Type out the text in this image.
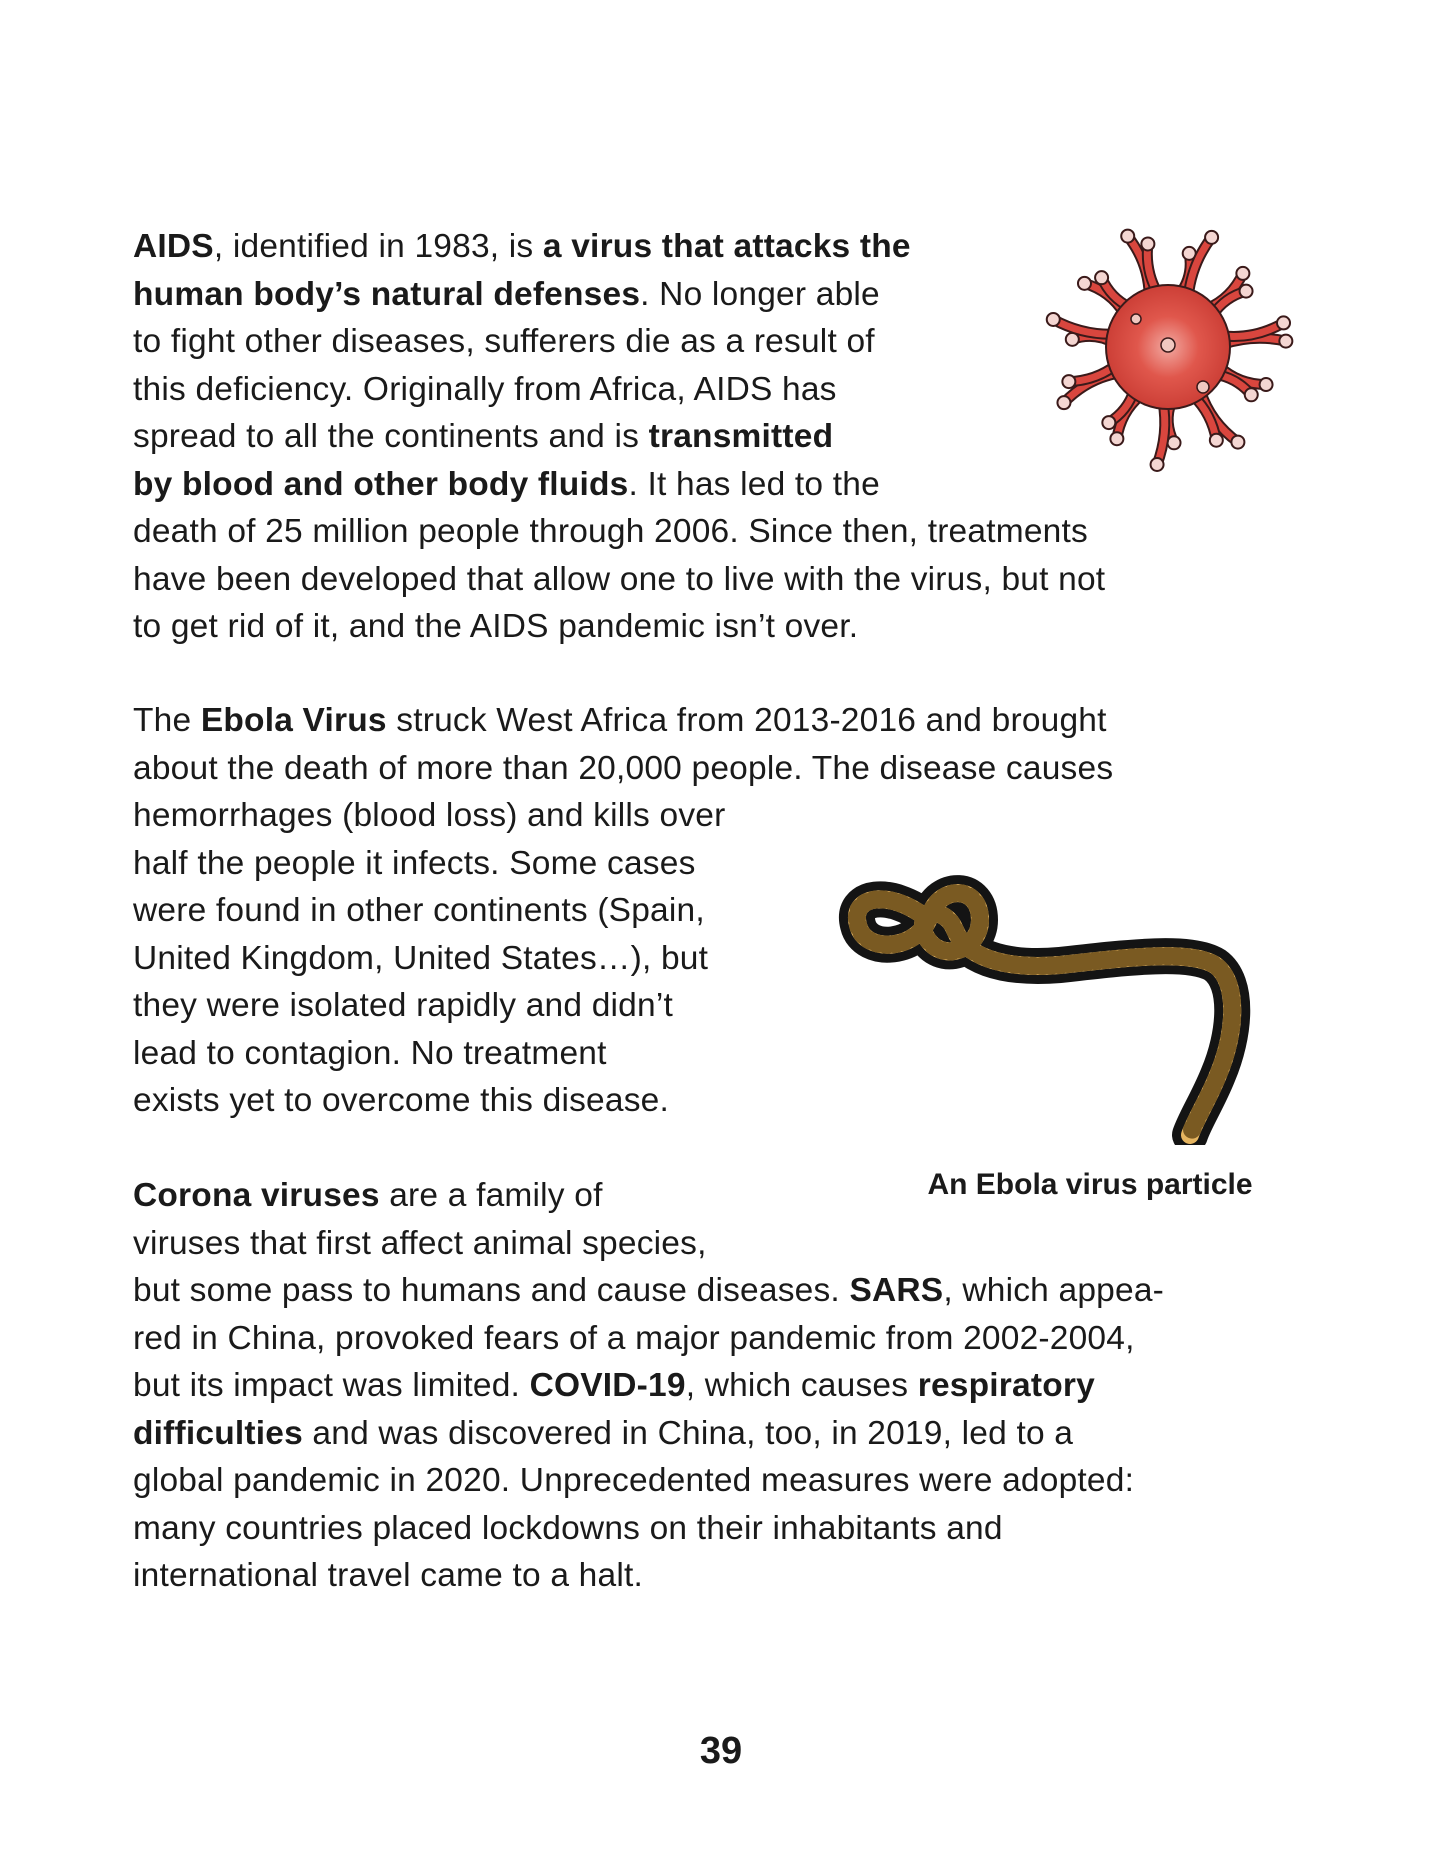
AIDS, identified in 1983, is a virus that attacks the
human body’s natural defenses. No longer able
to fight other diseases, sufferers die as a result of
this deficiency. Originally from Africa, AIDS has
spread to all the continents and is transmitted
by blood and other body fluids. It has led to the
death of 25 million people through 2006. Since then, treatments
have been developed that allow one to live with the virus, but not
to get rid of it, and the AIDS pandemic isn’t over.
The Ebola Virus struck West Africa from 2013-2016 and brought
about the death of more than 20,000 people. The disease causes
hemorrhages (blood loss) and kills over
half the people it infects. Some cases
were found in other continents (Spain,
United Kingdom, United States…), but
they were isolated rapidly and didn’t
lead to contagion. No treatment
exists yet to overcome this disease.
Corona viruses are a family of
viruses that first affect animal species,
but some pass to humans and cause diseases. SARS, which appea-
red in China, provoked fears of a major pandemic from 2002-2004,
but its impact was limited. COVID-19, which causes respiratory
difficulties and was discovered in China, too, in 2019, led to a
global pandemic in 2020. Unprecedented measures were adopted:
many countries placed lockdowns on their inhabitants and
international travel came to a halt.
An Ebola virus particle
39
